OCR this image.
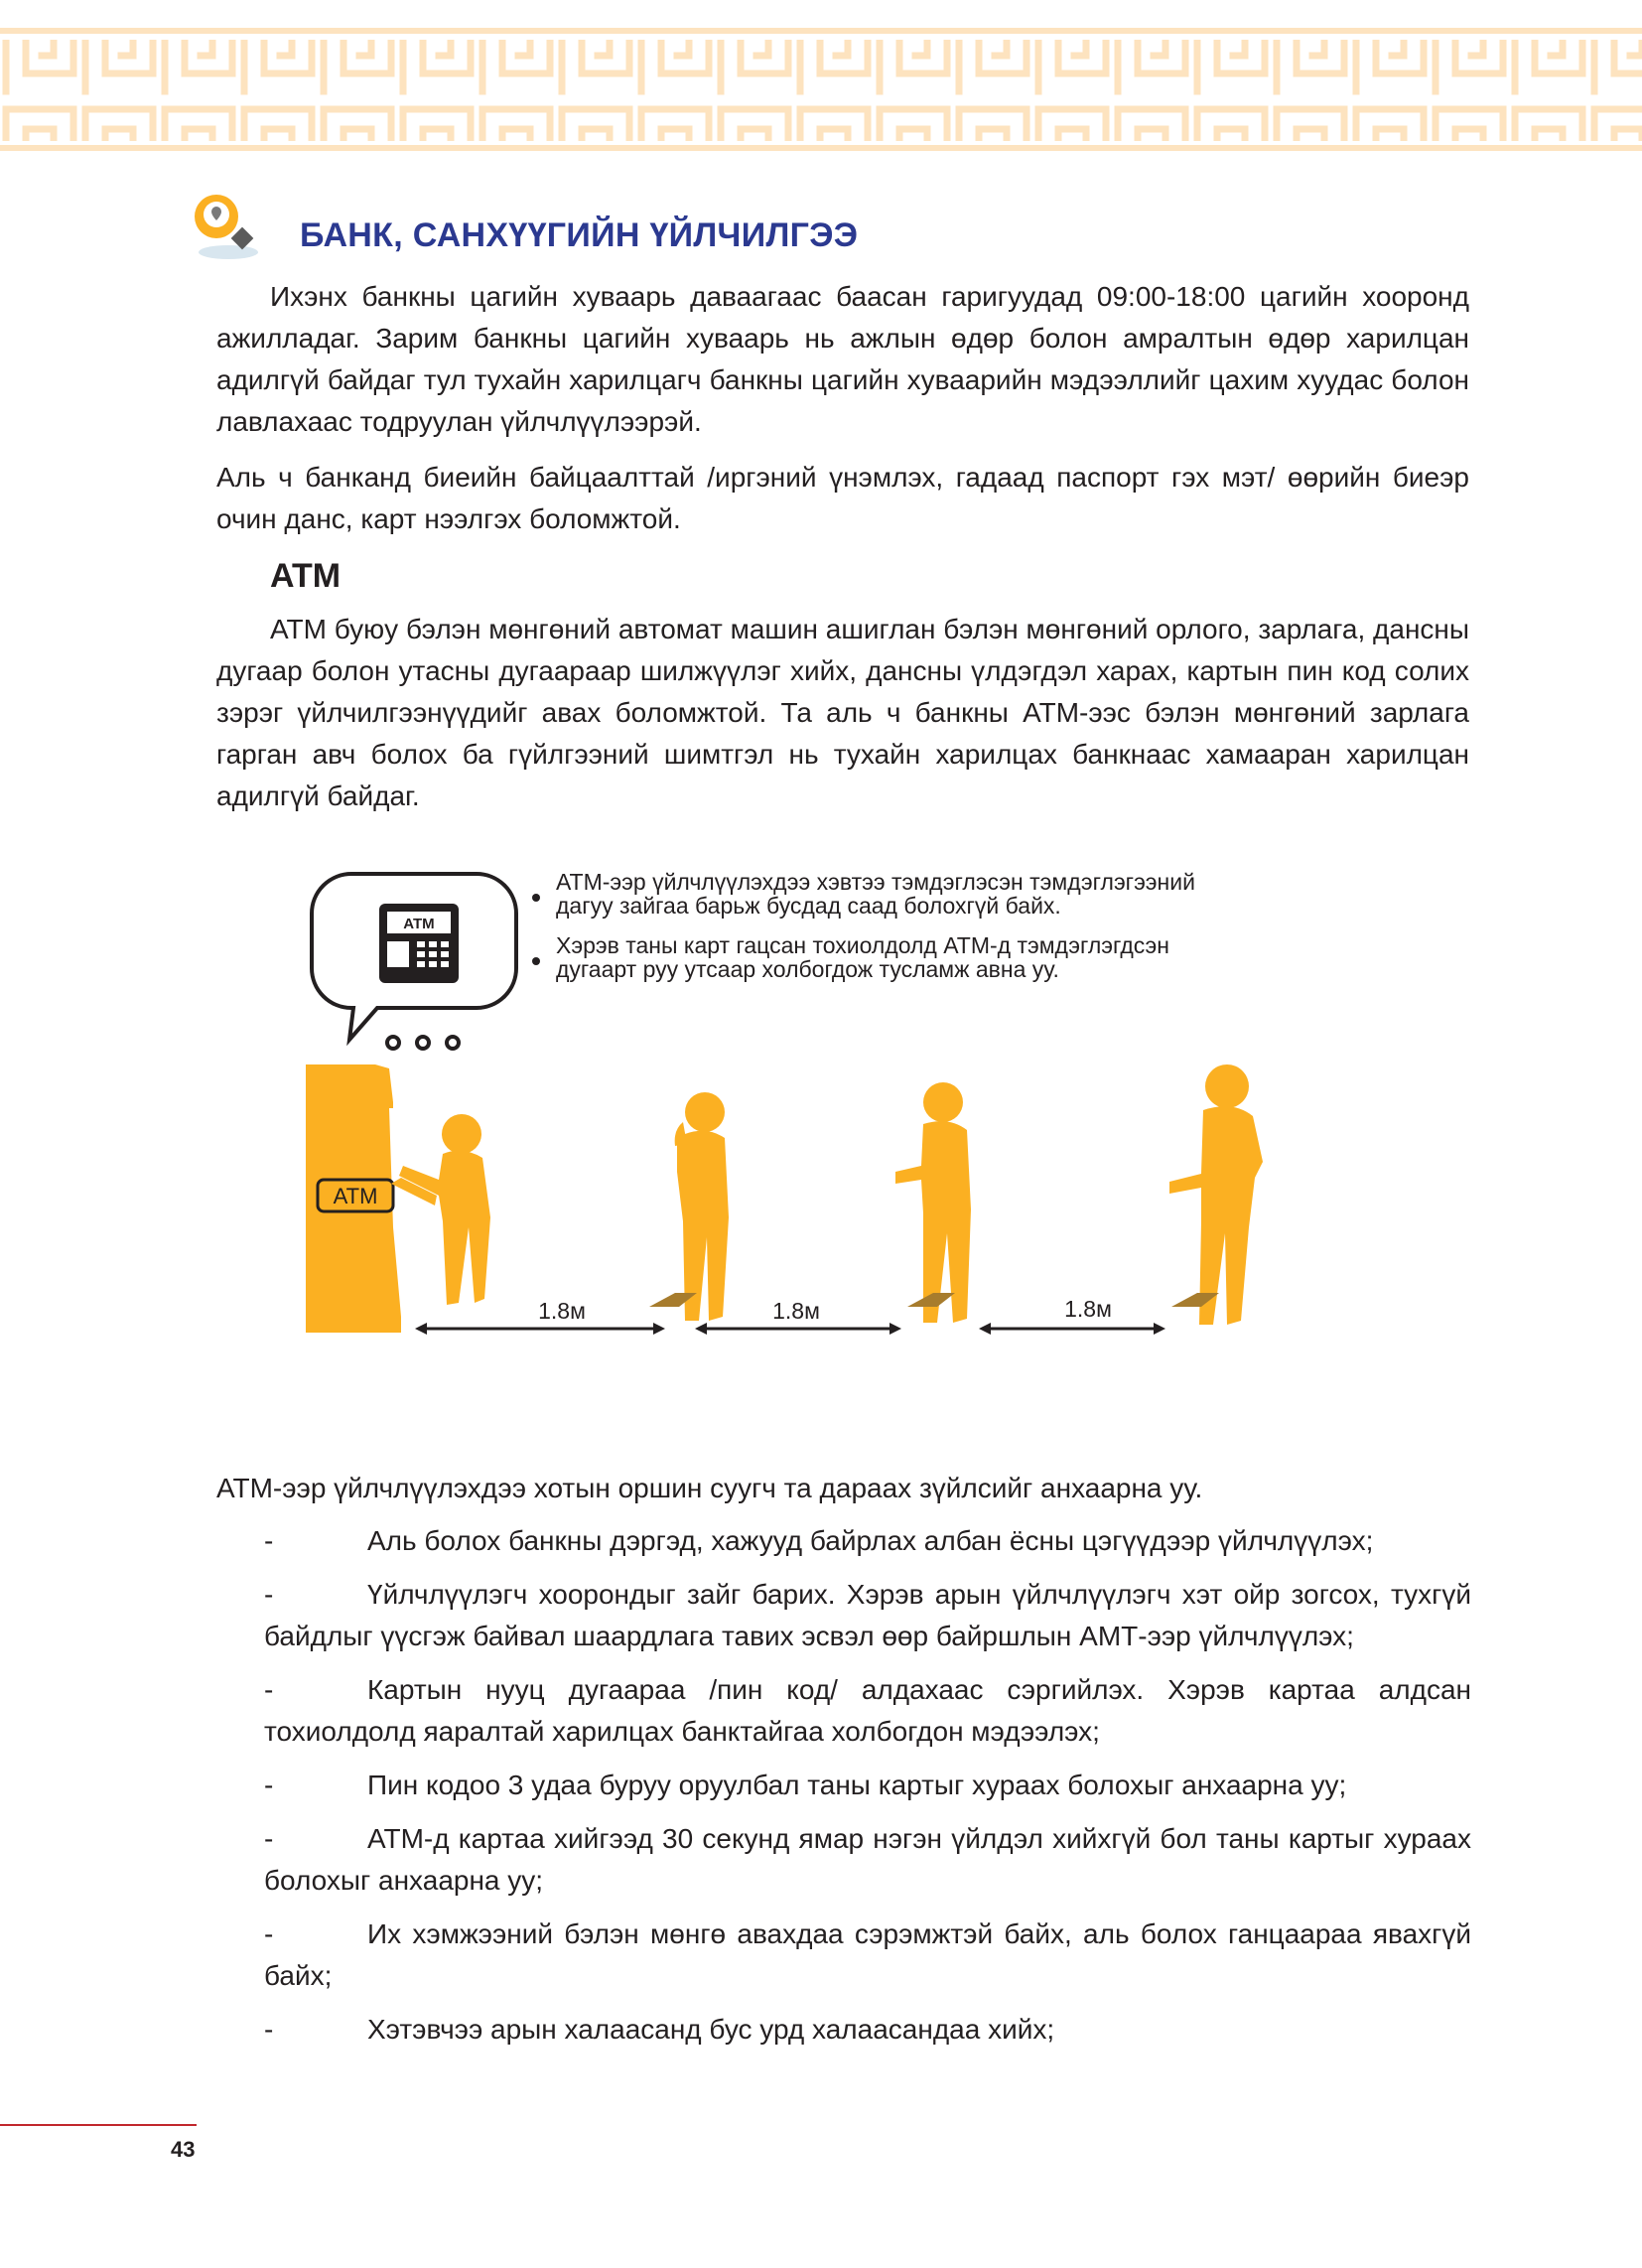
БАНК, САНХҮҮГИЙН ҮЙЛЧИЛГЭЭ

Ихэнх банкны цагийн хуваарь даваагаас баасан гаригуудад 09:00-18:00 цагийн хооронд ажилладаг. Зарим банкны цагийн хуваарь нь ажлын өдөр болон амралтын өдөр харилцан адилгүй байдаг тул тухайн харилцагч банкны цагийн хуваарийн мэдээллийг цахим хуудас болон лавлахаас тодруулан үйлчлүүлээрэй.

Аль ч банканд биеийн байцаалттай /иргэний үнэмлэх, гадаад паспорт гэх мэт/ өөрийн биеэр очин данс, карт нээлгэх боломжтой.

ATM

АТМ буюу бэлэн мөнгөний автомат машин ашиглан бэлэн мөнгөний орлого, зарлага, дансны дугаар болон утасны дугаараар шилжүүлэг хийх, дансны үлдэгдэл харах, картын пин код солих зэрэг үйлчилгээнүүдийг авах боломжтой. Та аль ч банкны АТМ-ээс бэлэн мөнгөний зарлага гарган авч болох ба гүйлгээний шимтгэл нь тухайн харилцах банкнаас хамааран харилцан адилгүй байдаг.

ATM
АТМ-ээр үйлчлүүлэхдээ хэвтээ тэмдэглэсэн тэмдэглэгээний
дагуу зайгаа барьж бусдад саад болохгүй байх.
Хэрэв таны карт гацсан тохиолдолд АТМ-д тэмдэглэгдсэн
дугаарт руу утсаар холбогдож тусламж авна уу.
ATM
1.8м	1.8м	1.8м

АТМ-ээр үйлчлүүлэхдээ хотын оршин суугч та дараах зүйлсийг анхаарна уу.

-	Аль болох банкны дэргэд, хажууд байрлах албан ёсны цэгүүдээр үйлчлүүлэх;
-	Үйлчлүүлэгч хоорондыг зайг барих. Хэрэв арын үйлчлүүлэгч хэт ойр зогсох, тухгүй байдлыг үүсгэж байвал шаардлага тавих эсвэл өөр байршлын АМТ-ээр үйлчлүүлэх;
-	Картын нууц дугаараа /пин код/ алдахаас сэргийлэх. Хэрэв картаа алдсан тохиолдолд яаралтай харилцах банктайгаа холбогдон мэдээлэх;
-	Пин кодоо 3 удаа буруу оруулбал таны картыг хураах болохыг анхаарна уу;
-	АТМ-д картаа хийгээд 30 секунд ямар нэгэн үйлдэл хийхгүй бол таны картыг хураах болохыг анхаарна уу;
-	Их хэмжээний бэлэн мөнгө авахдаа сэрэмжтэй байх, аль болох ганцаараа явахгүй байх;
-	Хэтэвчээ арын халаасанд бус урд халаасандаа хийх;
43
